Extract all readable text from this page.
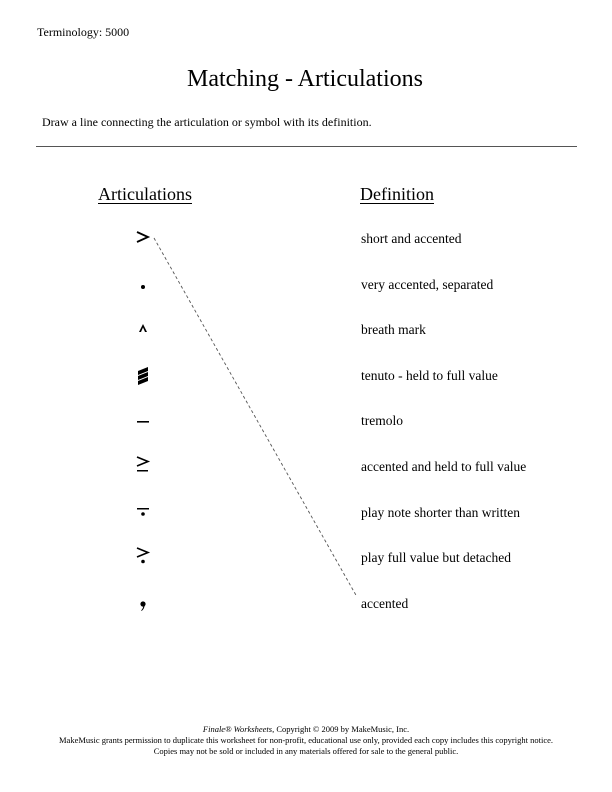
Terminology: 5000
Matching - Articulations
Draw a line connecting the articulation or symbol with its definition.
Articulations	Definition
short and accented
very accented, separated
breath mark
tenuto - held to full value
tremolo
accented and held to full value
play note shorter than written
play full value but detached
accented
Finale® Worksheets, Copyright © 2009 by MakeMusic, Inc.
MakeMusic grants permission to duplicate this worksheet for non-profit, educational use only, provided each copy includes this copyright notice.
Copies may not be sold or included in any materials offered for sale to the general public.
